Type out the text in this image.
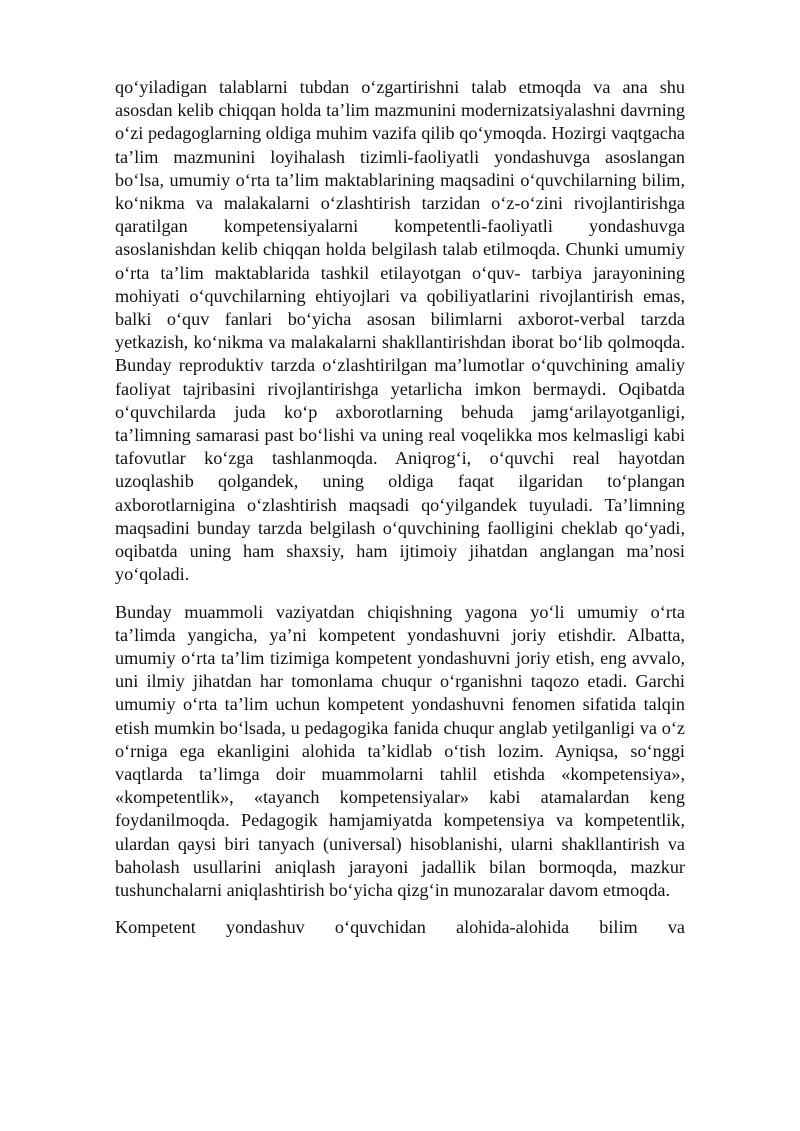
qo‘yiladigan talablarni tubdan o‘zgartirishni talab etmoqda va ana shu asosdan kelib chiqqan holda ta’lim mazmunini modernizatsiyalashni davrning o‘zi pedagoglarning oldiga muhim vazifa qilib qo‘ymoqda. Hozirgi vaqtgacha ta’lim mazmunini loyihalash tizimli-faoliyatli yondashuvga asoslangan bo‘lsa, umumiy o‘rta ta’lim maktablarining maqsadini o‘quvchilarning bilim, ko‘nikma va malakalarni o‘zlashtirish tarzidan o‘z-o‘zini rivojlantirishga qaratilgan kompetensiyalarni kompetentli-faoliyatli yondashuvga asoslanishdan kelib chiqqan holda belgilash talab etilmoqda. Chunki umumiy o‘rta ta’lim maktablarida tashkil etilayotgan o‘quv- tarbiya jarayonining mohiyati o‘quvchilarning ehtiyojlari va qobiliyatlarini rivojlantirish emas, balki o‘quv fanlari bo‘yicha asosan bilimlarni axborot-verbal tarzda yetkazish, ko‘nikma va malakalarni shakllantirishdan iborat bo‘lib qolmoqda. Bunday reproduktiv tarzda o‘zlashtirilgan ma’lumotlar o‘quvchining amaliy faoliyat tajribasini rivojlantirishga yetarlicha imkon bermaydi. Oqibatda o‘quvchilarda juda ko‘p axborotlarning behuda jamg‘arilayotganligi, ta’limning samarasi past bo‘lishi va uning real voqelikka mos kelmasligi kabi tafovutlar ko‘zga tashlanmoqda. Aniqrog‘i, o‘quvchi real hayotdan uzoqlashib qolgandek, uning oldiga faqat ilgaridan to‘plangan axborotlarnigina o‘zlashtirish maqsadi qo‘yilgandek tuyuladi. Ta’limning maqsadini bunday tarzda belgilash o‘quvchining faolligini cheklab qo‘yadi, oqibatda uning ham shaxsiy, ham ijtimoiy jihatdan anglangan ma’nosi yo‘qoladi.

Bunday muammoli vaziyatdan chiqishning yagona yo‘li umumiy o‘rta ta’limda yangicha, ya’ni kompetent yondashuvni joriy etishdir. Albatta, umumiy o‘rta ta’lim tizimiga kompetent yondashuvni joriy etish, eng avvalo, uni ilmiy jihatdan har tomonlama chuqur o‘rganishni taqozo etadi. Garchi umumiy o‘rta ta’lim uchun kompetent yondashuvni fenomen sifatida talqin etish mumkin bo‘lsada, u pedagogika fanida chuqur anglab yetilganligi va o‘z o‘rniga ega ekanligini alohida ta’kidlab o‘tish lozim. Ayniqsa, so‘nggi vaqtlarda ta’limga doir muammolarni tahlil etishda «kompetensiya», «kompetentlik», «tayanch kompetensiyalar» kabi atamalardan keng foydanilmoqda. Pedagogik hamjamiyatda kompetensiya va kompetentlik, ulardan qaysi biri tanyach (universal) hisoblanishi, ularni shakllantirish va baholash usullarini aniqlash jarayoni jadallik bilan bormoqda, mazkur tushunchalarni aniqlashtirish bo‘yicha qizg‘in munozaralar davom etmoqda.

Kompetent yondashuv o‘quvchidan alohida-alohida bilim va
